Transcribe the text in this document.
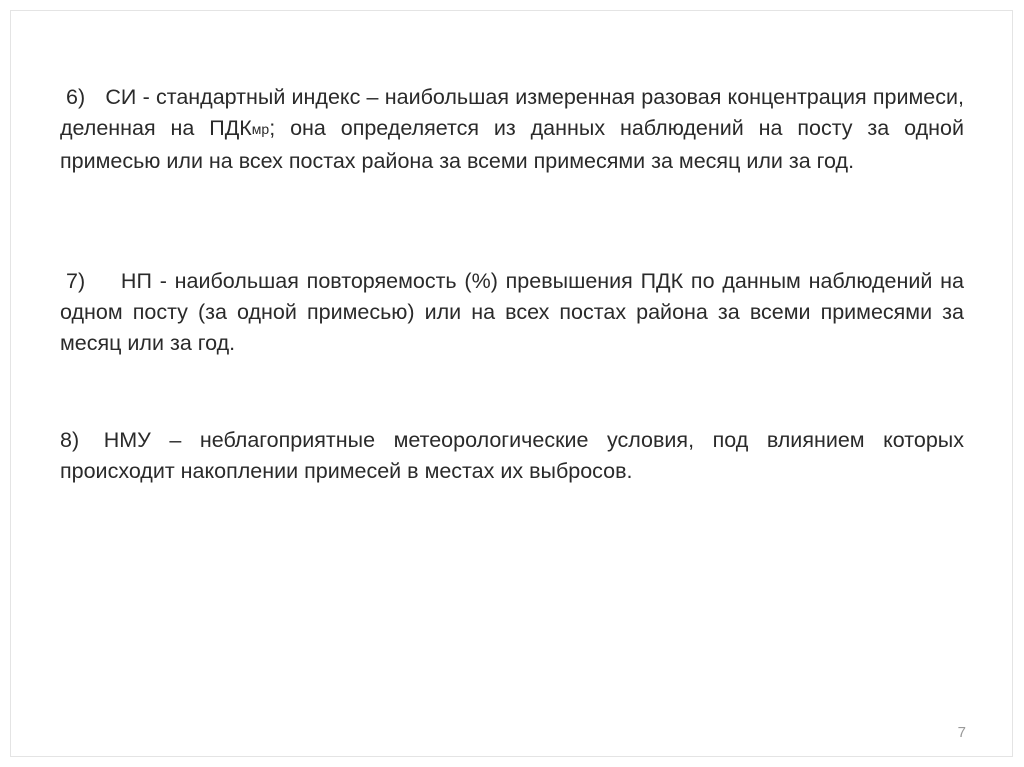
6) СИ - стандартный индекс – наибольшая измеренная разовая концентрация примеси, деленная на $ПДК_{мр}$; она определяется из данных наблюдений на посту за одной примесью или на всех постах района за всеми примесями за месяц или за год.

7) НП - наибольшая повторяемость (%) превышения ПДК по данным наблюдений на одном посту (за одной примесью) или на всех постах района за всеми примесями за месяц или за год.

8) НМУ – неблагоприятные метеорологические условия, под влиянием которых происходит накоплении примесей в местах их выбросов.

7
